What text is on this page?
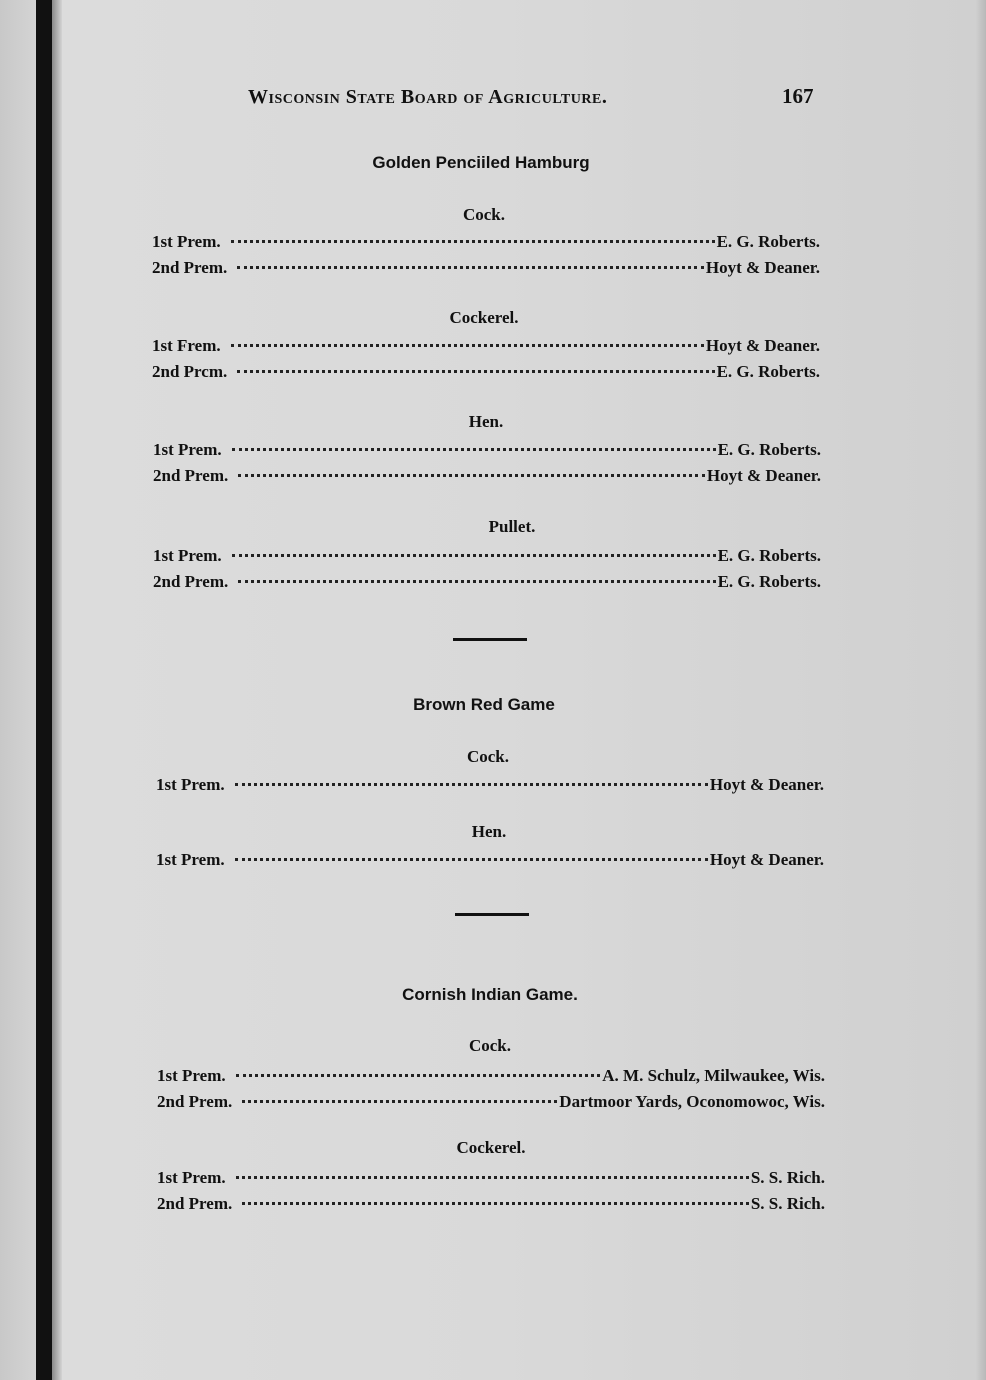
Wisconsin State Board of Agriculture.	167
Golden Penciiled Hamburg
Cock.
1st Prem.	E. G. Roberts.
2nd Prem.	Hoyt & Deaner.
Cockerel.
1st Frem.	Hoyt & Deaner.
2nd Prcm.	E. G. Roberts.
Hen.
1st Prem.	E. G. Roberts.
2nd Prem.	Hoyt & Deaner.
Pullet.
1st Prem.	E. G. Roberts.
2nd Prem.	E. G. Roberts.
Brown Red Game
Cock.
1st Prem.	Hoyt & Deaner.
Hen.
1st Prem.	Hoyt & Deaner.
Cornish Indian Game.
Cock.
1st Prem.	A. M. Schulz, Milwaukee, Wis.
2nd Prem.	Dartmoor Yards, Oconomowoc, Wis.
Cockerel.
1st Prem.	S. S. Rich.
2nd Prem.	S. S. Rich.
